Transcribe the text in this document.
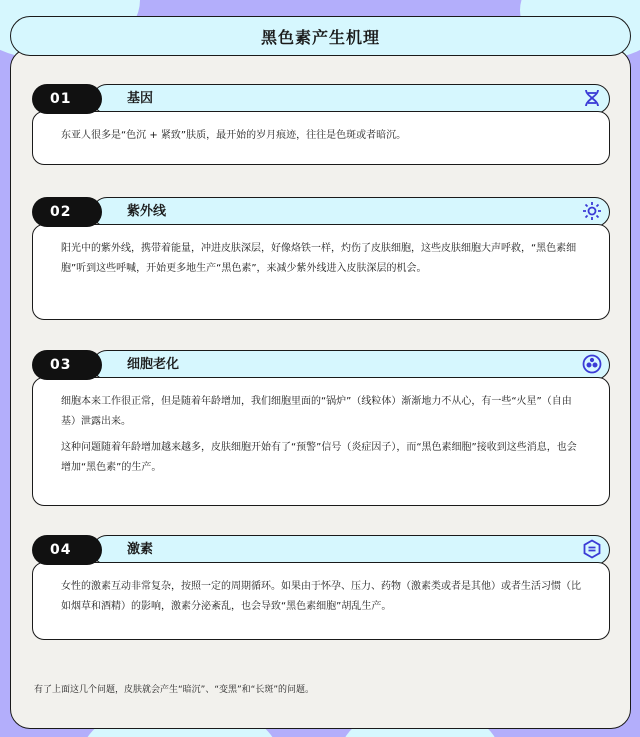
黑色素产生机理
01	基因

东亚人很多是“色沉 + 紧致”肤质，最开始的岁月痕迹，往往是色斑或者暗沉。

02	紫外线

阳光中的紫外线，携带着能量，冲进皮肤深层，好像烙铁一样，灼伤了皮肤细胞，这些皮肤细胞大声呼救，“黑色素细胞”听到这些呼喊，开始更多地生产“黑色素”，来减少紫外线进入皮肤深层的机会。

03	细胞老化

细胞本来工作很正常，但是随着年龄增加，我们细胞里面的“锅炉”（线粒体）渐渐地力不从心，有一些“火星”（自由基）泄露出来。

这种问题随着年龄增加越来越多，皮肤细胞开始有了“预警”信号（炎症因子），而“黑色素细胞”接收到这些消息，也会增加“黑色素”的生产。

04	激素

女性的激素互动非常复杂，按照一定的周期循环。如果由于怀孕、压力、药物（激素类或者是其他）或者生活习惯（比如烟草和酒精）的影响，激素分泌紊乱，也会导致“黑色素细胞”胡乱生产。

有了上面这几个问题，皮肤就会产生“暗沉”、“变黑”和“长斑”的问题。
